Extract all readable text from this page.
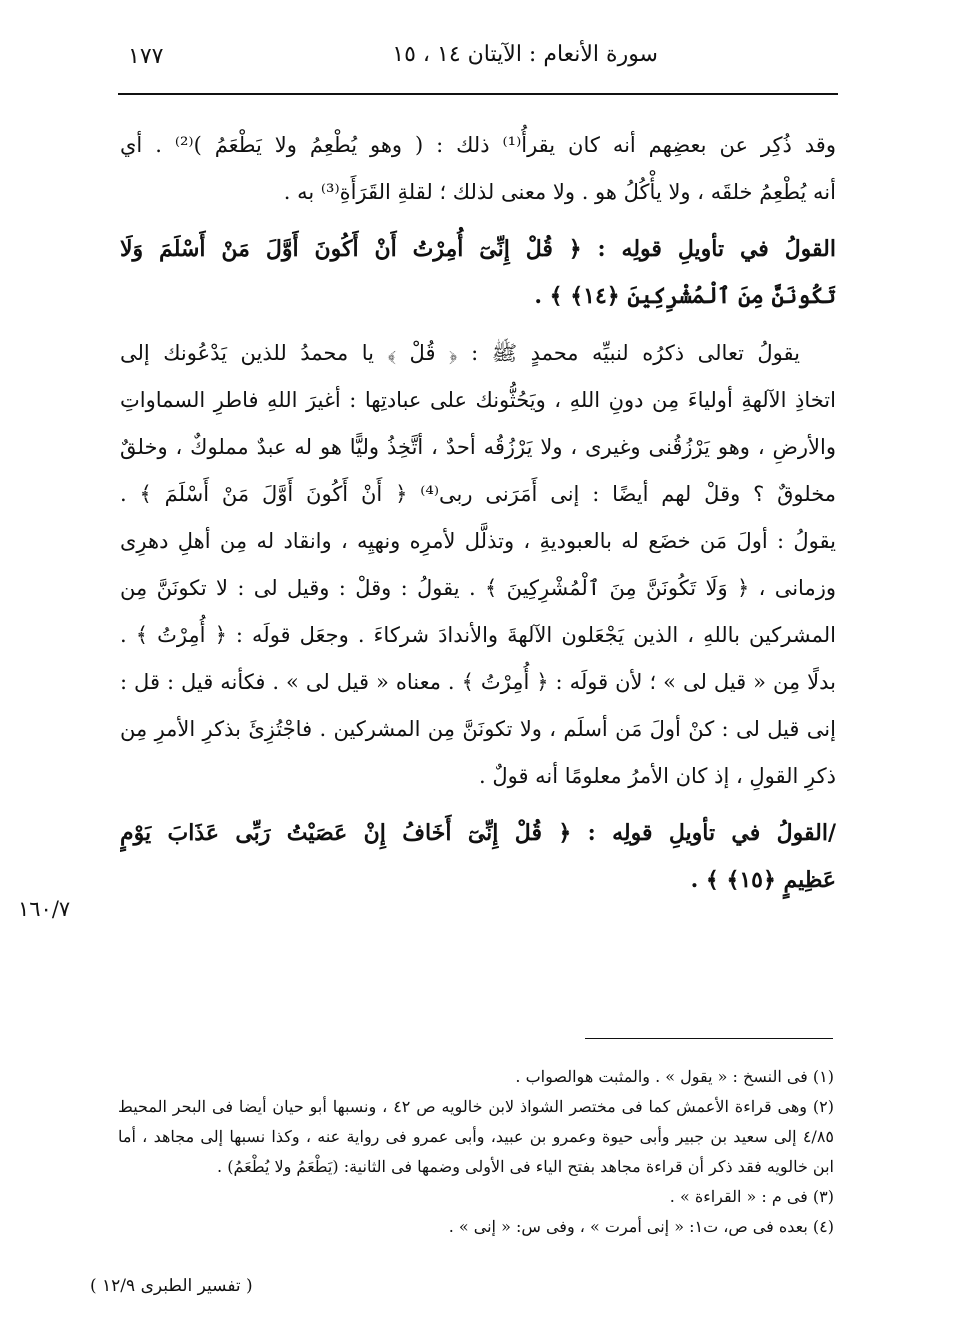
١٧٧	سورة الأنعام : الآيتان ١٤ ، ١٥
وقد ذُكِر عن بعضِهم أنه كان يقرأُ⁽¹⁾ ذلك : ( وهو يُطْعِمُ ولا يَطْعَمُ )⁽²⁾ . أي
أنه يُطْعِمُ خلقَه ، ولا يأْكُلُ هو . ولا معنى لذلك ؛ لقلةِ القَرَأَةِ⁽³⁾ به .
القولُ في تأويلِ قولِه : ﴿ قُلْ إِنِّىٓ أُمِرْتُ أَنْ أَكُونَ أَوَّلَ مَنْ أَسْلَمَ وَلَا
تَكُونَنَّ مِنَ ٱلْمُشْرِكِينَ ﴿١٤﴾ ﴾ .
يقولُ تعالى ذكرُه لنبيِّه محمدٍ ﷺ : ﴿ قُلْ ﴾ يا محمدُ للذين يَدْعُونك إلى
اتخاذِ الآلهةِ أولياءَ مِن دونِ اللهِ ، ويَحُثُّونك على عبادتِها : أغيرَ اللهِ فاطرِ السماواتِ
والأرضِ ، وهو يَرْزُقُنى وغيرى ، ولا يَرْزُقُه أحدٌ ، أتَّخِذُ وليًّا هو له عبدٌ مملوكٌ ، وخلقٌ
مخلوقٌ ؟ وقلْ لهم أيضًا : إنى أَمَرَنى ربى⁽⁴⁾ ﴿ أَنْ أَكُونَ أَوَّلَ مَنْ أَسْلَمَ ﴾ .
يقولُ : أولَ مَن خضَع له بالعبوديةِ ، وتذلَّل لأمرِه ونهيِه ، وانقاد له مِن أهلِ دهرِى
وزمانى ، ﴿ وَلَا تَكُونَنَّ مِنَ ٱلْمُشْرِكِينَ ﴾ . يقولُ : وقلْ : وقيل لى : لا تكونَنَّ مِن
المشركين باللهِ ، الذين يَجْعَلون الآلهةَ والأندادَ شركاءَ . وجعَل قولَه : ﴿ أُمِرْتُ ﴾ .
بدلًا مِن « قيل لى » ؛ لأن قولَه : ﴿ أُمِرْتُ ﴾ . معناه « قيل لى » . فكأنه قيل : قل :
إنى قيل لى : كنْ أولَ مَن أسلَم ، ولا تكونَنَّ مِن المشركين . فاجْتُزِئَ بذكرِ الأمرِ مِن
ذكرِ القولِ ، إذ كان الأمرُ معلومًا أنه قولٌ .
/القولُ في تأويلِ قولِه : ﴿ قُلْ إِنِّىٓ أَخَافُ إِنْ عَصَيْتُ رَبِّى عَذَابَ يَوْمٍ
عَظِيمٍ ﴿١٥﴾ ﴾ .
١٦٠/٧
(١) فى النسخ : « يقول » . والمثبت هوالصواب .
(٢) وهى قراءة الأعمش كما فى مختصر الشواذ لابن خالويه ص ٤٢ ، ونسبها أبو حيان أيضا فى البحر المحيط
٤/٨٥ إلى سعيد بن جبير وأبى حيوة وعمرو بن عبيد، وأبى عمرو فى رواية عنه ، وكذا نسبها إلى مجاهد ، أما
ابن خالويه فقد ذكر أن قراءة مجاهد بفتح الياء فى الأولى وضمها فى الثانية: (يَطْعَمُ ولا يُطْعَمُ) .
(٣) فى م : « القراءة » .
(٤) بعده فى ص، ت١: « إنى أمرت » ، وفى س: « إنى » .
( تفسير الطبرى ١٢/٩ )
